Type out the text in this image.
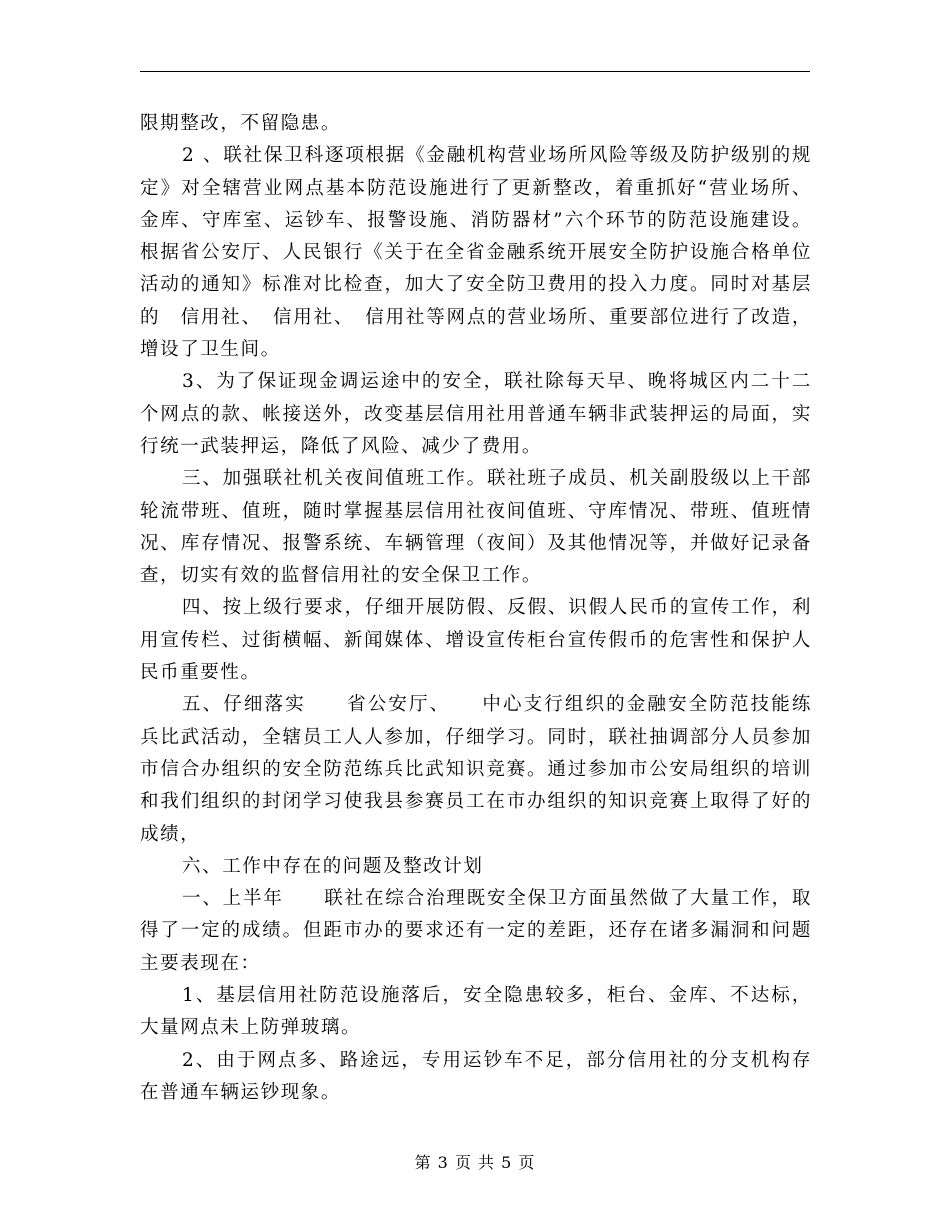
限期整改，不留隐患。

2 、联社保卫科逐项根据《金融机构营业场所风险等级及防护级别的规定》对全辖营业网点基本防范设施进行了更新整改，着重抓好“营业场所、金库、守库室、运钞车、报警设施、消防器材”六个环节的防范设施建设。根据省公安厅、人民银行《关于在全省金融系统开展安全防护设施合格单位活动的通知》标准对比检查，加大了安全防卫费用的投入力度。同时对基层的　信用社、　信用社、　信用社等网点的营业场所、重要部位进行了改造，增设了卫生间。

3、为了保证现金调运途中的安全，联社除每天早、晚将城区内二十二个网点的款、帐接送外，改变基层信用社用普通车辆非武装押运的局面，实行统一武装押运，降低了风险、减少了费用。

三、加强联社机关夜间值班工作。联社班子成员、机关副股级以上干部轮流带班、值班，随时掌握基层信用社夜间值班、守库情况、带班、值班情况、库存情况、报警系统、车辆管理（夜间）及其他情况等，并做好记录备查，切实有效的监督信用社的安全保卫工作。

四、按上级行要求，仔细开展防假、反假、识假人民币的宣传工作，利用宣传栏、过街横幅、新闻媒体、增设宣传柜台宣传假币的危害性和保护人民币重要性。

五、仔细落实　　省公安厅、　　中心支行组织的金融安全防范技能练兵比武活动，全辖员工人人参加，仔细学习。同时，联社抽调部分人员参加市信合办组织的安全防范练兵比武知识竞赛。通过参加市公安局组织的培训和我们组织的封闭学习使我县参赛员工在市办组织的知识竞赛上取得了好的成绩，

六、工作中存在的问题及整改计划

一、上半年　　联社在综合治理既安全保卫方面虽然做了大量工作，取得了一定的成绩。但距市办的要求还有一定的差距，还存在诸多漏洞和问题主要表现在：

1、基层信用社防范设施落后，安全隐患较多，柜台、金库、不达标，大量网点未上防弹玻璃。

2、由于网点多、路途远，专用运钞车不足，部分信用社的分支机构存在普通车辆运钞现象。

第 3 页 共 5 页
